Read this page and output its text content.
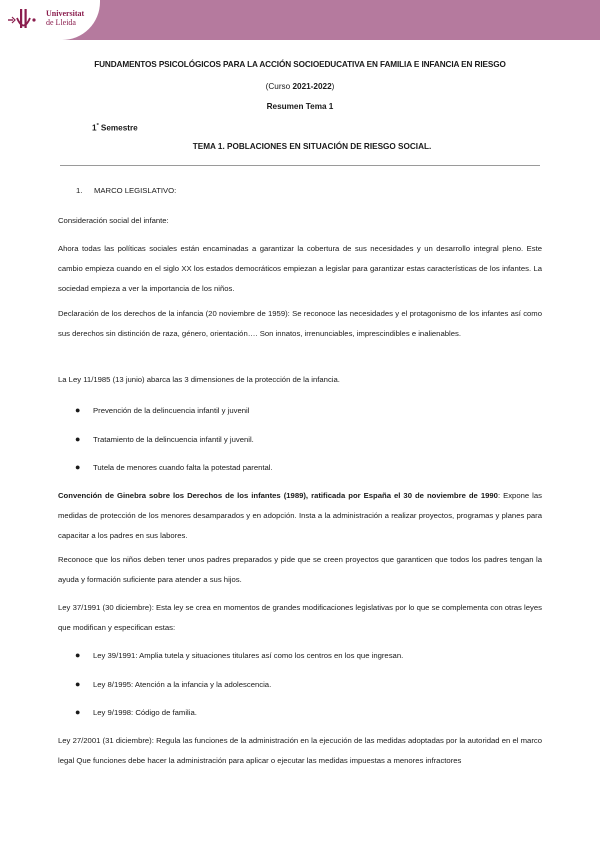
Universitat
de Lleida
FUNDAMENTOS PSICOLÓGICOS PARA LA ACCIÓN SOCIOEDUCATIVA EN FAMILIA E INFANCIA EN RIESGO
(Curso 2021-2022)
Resumen Tema 1
$1^º$ Semestre
TEMA 1. POBLACIONES EN SITUACIÓN DE RIESGO SOCIAL.
1. MARCO LEGISLATIVO:

Consideración social del infante:

Ahora todas las políticas sociales están encaminadas a garantizar la cobertura de sus necesidades y un desarrollo integral pleno. Este cambio empieza cuando en el siglo XX los estados democráticos empiezan a legislar para garantizar estas características de los infantes. La sociedad empieza a ver la importancia de los niños.

Declaración de los derechos de la infancia (20 noviembre de 1959): Se reconoce las necesidades y el protagonismo de los infantes así como sus derechos sin distinción de raza, género, orientación…. Son innatos, irrenunciables, imprescindibles e inalienables.

La Ley 11/1985 (13 junio) abarca las 3 dimensiones de la protección de la infancia.

● Prevención de la delincuencia infantil y juvenil
● Tratamiento de la delincuencia infantil y juvenil.
● Tutela de menores cuando falta la potestad parental.

Convención de Ginebra sobre los Derechos de los infantes (1989), ratificada por España el 30 de noviembre de 1990: Expone las medidas de protección de los menores desamparados y en adopción. Insta a la administración a realizar proyectos, programas y planes para capacitar a los padres en sus labores.

Reconoce que los niños deben tener unos padres preparados y pide que se creen proyectos que garanticen que todos los padres tengan la ayuda y formación suficiente para atender a sus hijos.

Ley 37/1991 (30 diciembre): Esta ley se crea en momentos de grandes modificaciones legislativas por lo que se complementa con otras leyes que modifican y especifican estas:

● Ley 39/1991: Amplia tutela y situaciones titulares así como los centros en los que ingresan.
● Ley 8/1995: Atención a la infancia y la adolescencia.
● Ley 9/1998: Código de familia.

Ley 27/2001 (31 diciembre): Regula las funciones de la administración en la ejecución de las medidas adoptadas por la autoridad en el marco legal Que funciones debe hacer la administración para aplicar o ejecutar las medidas impuestas a menores infractores
